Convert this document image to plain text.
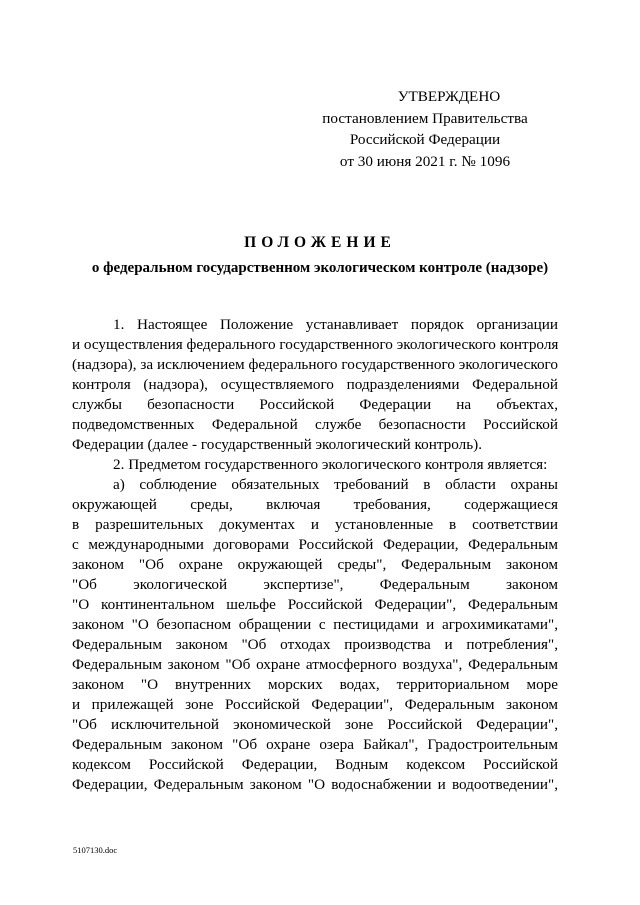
УТВЕРЖДЕНО
постановлением Правительства
Российской Федерации
от 30 июня 2021 г. № 1096
ПОЛОЖЕНИЕ
о федеральном государственном экологическом контроле (надзоре)
1. Настоящее Положение устанавливает порядок организации
и осуществления федерального государственного экологического контроля
(надзора), за исключением федерального государственного экологического
контроля (надзора), осуществляемого подразделениями Федеральной
службы безопасности Российской Федерации на объектах,
подведомственных Федеральной службе безопасности Российской
Федерации (далее - государственный экологический контроль).
2. Предметом государственного экологического контроля является:
а) соблюдение обязательных требований в области охраны
окружающей среды, включая требования, содержащиеся
в разрешительных документах и установленные в соответствии
с международными договорами Российской Федерации, Федеральным
законом "Об охране окружающей среды", Федеральным законом
"Об экологической экспертизе", Федеральным законом
"О континентальном шельфе Российской Федерации", Федеральным
законом "О безопасном обращении с пестицидами и агрохимикатами",
Федеральным законом "Об отходах производства и потребления",
Федеральным законом "Об охране атмосферного воздуха", Федеральным
законом "О внутренних морских водах, территориальном море
и прилежащей зоне Российской Федерации", Федеральным законом
"Об исключительной экономической зоне Российской Федерации",
Федеральным законом "Об охране озера Байкал", Градостроительным
кодексом Российской Федерации, Водным кодексом Российской
Федерации, Федеральным законом "О водоснабжении и водоотведении",
5107130.doc
